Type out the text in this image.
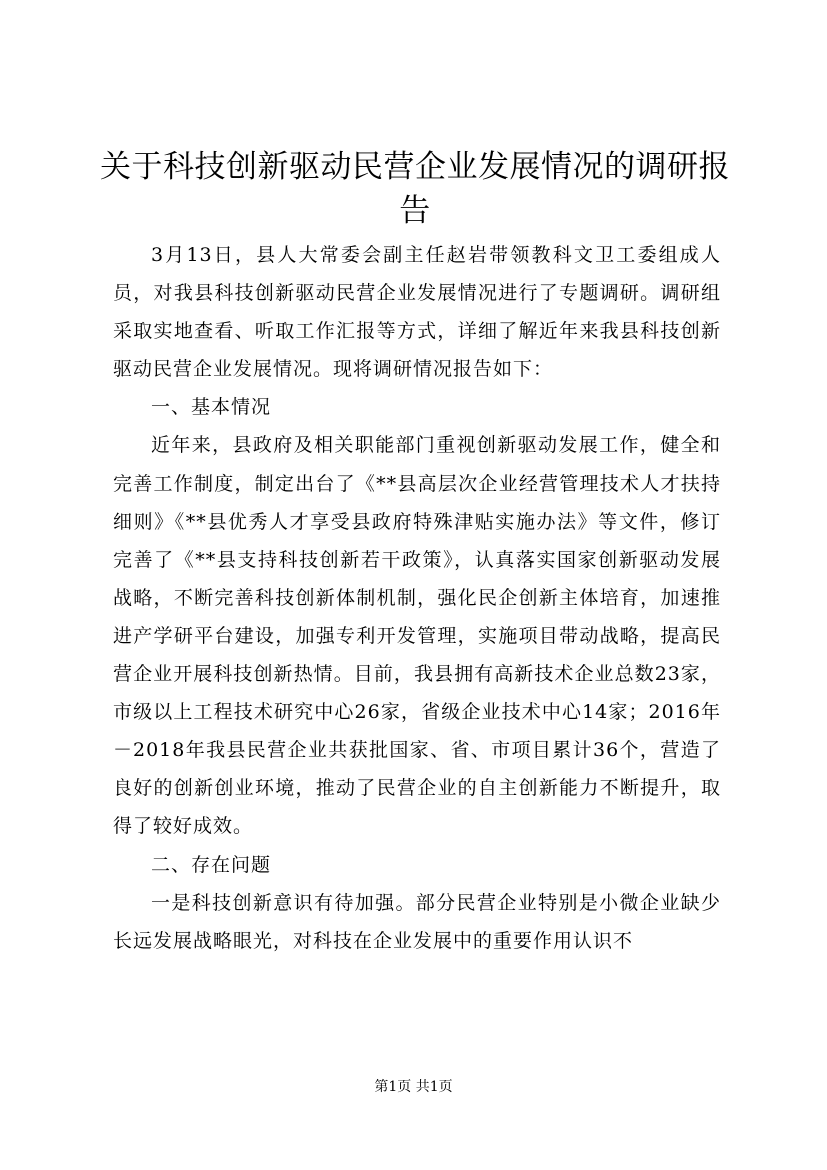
关于科技创新驱动民营企业发展情况的调研报告

3月13日，县人大常委会副主任赵岩带领教科文卫工委组成人员，对我县科技创新驱动民营企业发展情况进行了专题调研。调研组采取实地查看、听取工作汇报等方式，详细了解近年来我县科技创新驱动民营企业发展情况。现将调研情况报告如下：

一、基本情况

近年来，县政府及相关职能部门重视创新驱动发展工作，健全和完善工作制度，制定出台了《**县高层次企业经营管理技术人才扶持细则》《**县优秀人才享受县政府特殊津贴实施办法》等文件，修订完善了《**县支持科技创新若干政策》，认真落实国家创新驱动发展战略，不断完善科技创新体制机制，强化民企创新主体培育，加速推进产学研平台建设，加强专利开发管理，实施项目带动战略，提高民营企业开展科技创新热情。目前，我县拥有高新技术企业总数23家，市级以上工程技术研究中心26家，省级企业技术中心14家；2016年－2018年我县民营企业共获批国家、省、市项目累计36个，营造了良好的创新创业环境，推动了民营企业的自主创新能力不断提升，取得了较好成效。

二、存在问题

一是科技创新意识有待加强。部分民营企业特别是小微企业缺少长远发展战略眼光，对科技在企业发展中的重要作用认识不

第1页 共1页
